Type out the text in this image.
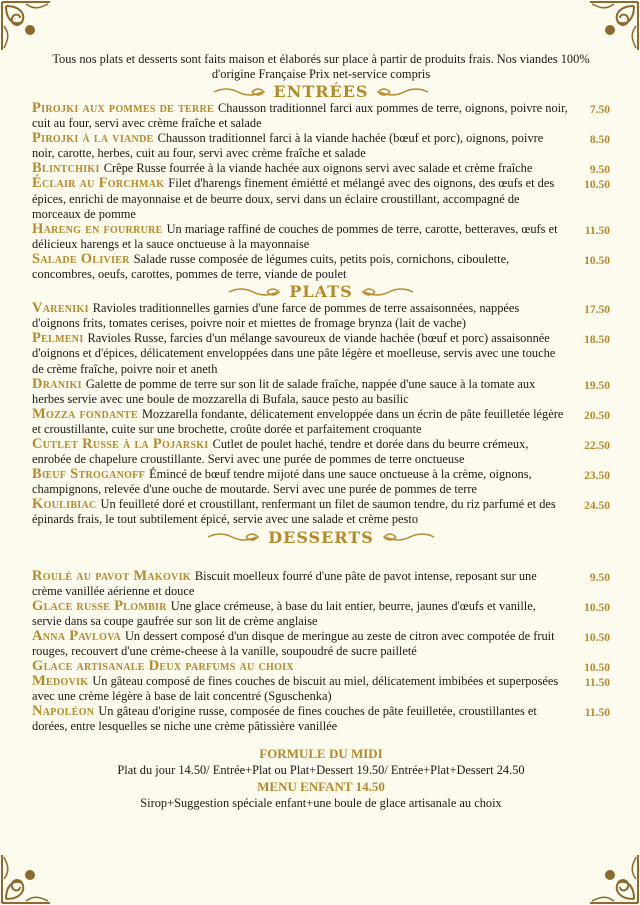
Tous nos plats et desserts sont faits maison et élaborés sur place à partir de produits frais. Nos viandes 100% d'origine Française Prix net-service compris
ENTRÉES
Pirojki aux pommes de terre Chausson traditionnel farci aux pommes de terre, oignons, poivre noir, cuit au four, servi avec crème fraîche et salade
7.50
Pirojki à la viande Chausson traditionnel farci à la viande hachée (bœuf et porc), oignons, poivre noir, carotte, herbes, cuit au four, servi avec crème fraîche et salade
8.50
Blintchiki Crêpe Russe fourrée à la viande hachée aux oignons servi avec salade et crème fraîche	9.50
Éclair au Forchmak Filet d'harengs finement émiétté et mélangé avec des oignons, des œufs et des épices, enrichi de mayonnaise et de beurre doux, servi dans un éclaire croustillant, accompagné de morceaux de pomme
10.50
Hareng en fourrure Un mariage raffiné de couches de pommes de terre, carotte, betteraves, œufs et délicieux harengs et la sauce onctueuse à la mayonnaise
11.50
Salade Olivier Salade russe composée de légumes cuits, petits pois, cornichons, ciboulette, concombres, oeufs, carottes, pommes de terre, viande de poulet
10.50
PLATS
Vareniki Ravioles traditionnelles garnies d'une farce de pommes de terre assaisonnées, nappées d'oignons frits, tomates cerises, poivre noir et miettes de fromage brynza (lait de vache)
17.50
Pelmeni Ravioles Russe, farcies d'un mélange savoureux de viande hachée (bœuf et porc) assaisonnée d'oignons et d'épices, délicatement enveloppées dans une pâte légère et moelleuse, servis avec une touche de crème fraîche, poivre noir et aneth
18.50
Draniki Galette de pomme de terre sur son lit de salade fraîche, nappée d'une sauce à la tomate aux herbes servie avec une boule de mozzarella di Bufala, sauce pesto au basilic
19.50
Mozza fondante Mozzarella fondante, délicatement enveloppée dans un écrin de pâte feuilletée légère et croustillante, cuite sur une brochette, croûte dorée et parfaitement croquante
20.50
Cutlet Russe à la Pojarski Cutlet de poulet haché, tendre et dorée dans du beurre crémeux, enrobée de chapelure croustillante. Servi avec une purée de pommes de terre onctueuse
22.50
Bœuf Stroganoff Émincé de bœuf tendre mijoté dans une sauce onctueuse à la crème, oignons, champignons, relevée d'une ouche de moutarde. Servi avec une purée de pommes de terre
23.50
Koulibiac Un feuilleté doré et croustillant, renfermant un filet de saumon tendre, du riz parfumé et des épinards frais, le tout subtilement épicé, servie avec une salade et crème pesto
24.50
DESSERTS
Roulé au pavot Makovik Biscuit moelleux fourré d'une pâte de pavot intense, reposant sur une crème vanillée aérienne et douce
9.50
Glace russe Plombir Une glace crémeuse, à base du lait entier, beurre, jaunes d'œufs et vanille, servie dans sa coupe gaufrée sur son lit de crème anglaise
10.50
Anna Pavlova Un dessert composé d'un disque de meringue au zeste de citron avec compotée de fruit rouges, recouvert d'une crème-cheese à la vanille, soupoudré de sucre pailleté
10.50
Glace artisanale Deux parfums au choix	10.50
Medovik Un gâteau composé de fines couches de biscuit au miel, délicatement imbibées et superposées avec une crème légère à base de lait concentré (Sguschenka)
11.50
Napoléon Un gâteau d'origine russe, composée de fines couches de pâte feuilletée, croustillantes et dorées, entre lesquelles se niche une crème pâtissière vanillée
11.50
FORMULE DU MIDI
Plat du jour 14.50/ Entrée+Plat ou Plat+Dessert 19.50/ Entrée+Plat+Dessert 24.50
MENU ENFANT 14.50
Sirop+Suggestion spéciale enfant+une boule de glace artisanale au choix
